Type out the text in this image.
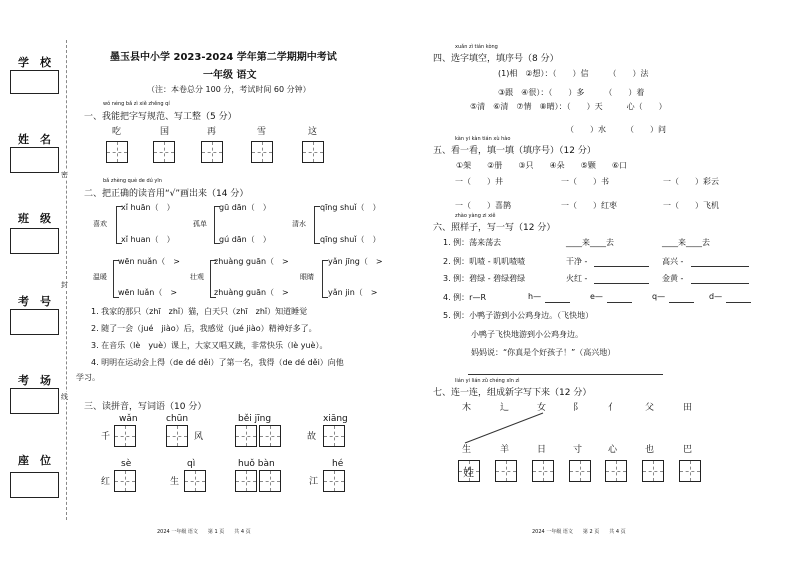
学　校
姓　名
班　级
考　号
考　场
座　位
密
封
线
墨玉县中小学 2023-2024 学年第二学期期中考试
一年级 语文
（注：本卷总分 100 分，考试时间 60 分钟）
wǒ néng bǎ zì xiě zhěng qí
一、我能把字写规范、写工整（5 分）
吃	国	再	雪	这
bǎ zhèng què de dú yīn
二、把正确的读音用“√”画出来（14 分）
喜欢
xǐ huān（　）
xǐ huan（　）
孤单
gū dān（　）
gú dān（　）
清水
qīng shuǐ（　）
qīng shuǐ（　）
温暖
wēn nuǎn（　>
wēn luǎn（　>
壮观
zhuàng guān（　>
zhuàng guān（　>
眼睛
yǎn jīng（　>
yǎn jin（　>
1. 我家的那只（zhī　zhǐ）猫，白天只（zhī　zhǐ）知道睡觉
2. 随了一会（jué　jiào）后，我感觉（jué jiào）精神好多了。
3. 在音乐（lè　yuè）课上，大家又唱又跳，非常快乐（lè yuè）。
4. 明明在运动会上得（de dé děi）了第一名，我得（de dé děi）向他
学习。
三、读拼音，写词语（10 分）
wǎn
千
chūn
风
běi jīng	xiāng
故
sè
红
qì
生
huǒ bàn	hé
江
2024 一年级 语文　　第 1 页　　共 4 页
xuǎn zì tián kòng
四、选字填空，填序号（8 分）
(1)相　②想）：（　　）信　　　（　　）法
③跟　④很）：（　　）多　　　（　　）着
⑤清　⑥清　⑦情　⑧晴）：（　　）天　　　心（　　）
（　　）水　　　（　　）问
kàn yi kàn tián xù hào
五、看一看，填一填（填序号）（12 分）
①架　　②册　　③只　　④朵　　⑤颗　　⑥口
一（　　）井	一（　　）书	一（　　）彩云
一（　　）喜鹊	一（　　）红枣	一（　　）飞机
zhào yàng zi xiě
六、照样子，写一写（12 分）
1. 例：荡来荡去	____来____去	____来____去
2. 例：叽喳 - 叽叽喳喳	干净 -	高兴 -
3. 例：碧绿 - 碧绿碧绿	火红 -	金黄 -
4. 例：r—R	h—	e—	q—	d—
5. 例：小鸭子游到小公鸡身边。（飞快地）
小鸭子飞快地游到小公鸡身边。
妈妈说：“你真是个好孩子！”（高兴地）
lián yi lián zǔ chéng xīn zì
七、连一连，组成新字写下来（12 分）
木	辶	女	阝	亻	父	田
生	羊	日	寸	心	也	巴
姓
2024 一年级 语文　　第 2 页　　共 4 页
